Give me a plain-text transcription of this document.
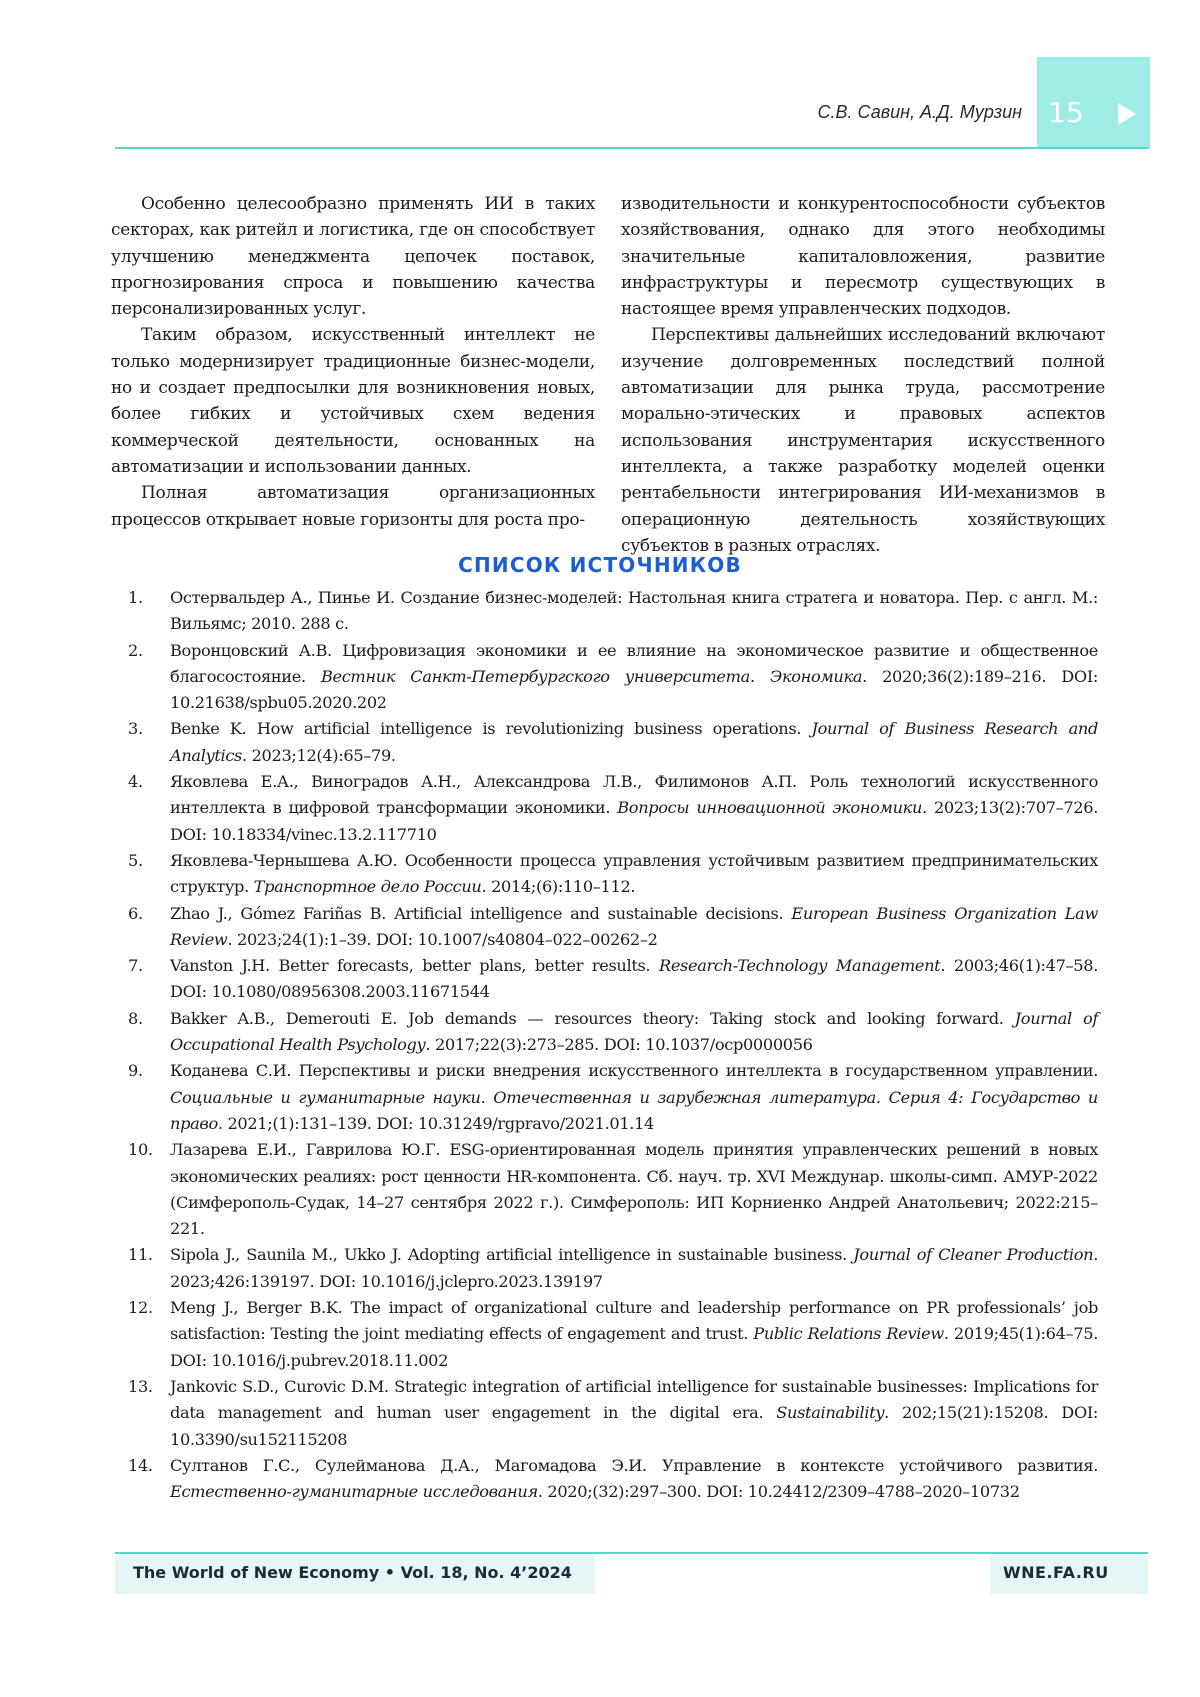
15
С.В. Савин, А.Д. Мурзин

Особенно целесообразно применять ИИ в таких секторах, как ритейл и логистика, где он способствует улучшению менеджмента цепочек поставок, прогнозирования спроса и повышению качества персонализированных услуг.

Таким образом, искусственный интеллект не только модернизирует традиционные бизнес-модели, но и создает предпосылки для возникновения новых, более гибких и устойчивых схем ведения коммерческой деятельности, основанных на автоматизации и использовании данных.

Полная автоматизация организационных процессов открывает новые горизонты для роста про-

изводительности и конкурентоспособности субъектов хозяйствования, однако для этого необходимы значительные капиталовложения, развитие инфраструктуры и пересмотр существующих в настоящее время управленческих подходов.

Перспективы дальнейших исследований включают изучение долговременных последствий полной автоматизации для рынка труда, рассмотрение морально-этических и правовых аспектов использования инструментария искусственного интеллекта, а также разработку моделей оценки рентабельности интегрирования ИИ-механизмов в операционную деятельность хозяйствующих субъектов в разных отраслях.

СПИСОК ИСТОЧНИКОВ
1. Остервальдер А., Пинье И. Создание бизнес-моделей: Настольная книга стратега и новатора. Пер. с англ. М.: Вильямс; 2010. 288 с.
2. Воронцовский А.В. Цифровизация экономики и ее влияние на экономическое развитие и общественное благосостояние. Вестник Санкт-Петербургского университета. Экономика. 2020;36(2):189–216. DOI: 10.21638/spbu05.2020.202
3. Benke K. How artificial intelligence is revolutionizing business operations. Journal of Business Research and Analytics. 2023;12(4):65–79.
4. Яковлева Е.А., Виноградов А.Н., Александрова Л.В., Филимонов А.П. Роль технологий искусственного интеллекта в цифровой трансформации экономики. Вопросы инновационной экономики. 2023;13(2):707–726. DOI: 10.18334/vinec.13.2.117710
5. Яковлева-Чернышева А.Ю. Особенности процесса управления устойчивым развитием предпринимательских структур. Транспортное дело России. 2014;(6):110–112.
6. Zhao J., Gómez Fariñas B. Artificial intelligence and sustainable decisions. European Business Organization Law Review. 2023;24(1):1–39. DOI: 10.1007/s40804–022–00262–2
7. Vanston J.H. Better forecasts, better plans, better results. Research-Technology Management. 2003;46(1):47–58. DOI: 10.1080/08956308.2003.11671544
8. Bakker A.B., Demerouti E. Job demands — resources theory: Taking stock and looking forward. Journal of Occupational Health Psychology. 2017;22(3):273–285. DOI: 10.1037/ocp0000056
9. Коданева С.И. Перспективы и риски внедрения искусственного интеллекта в государственном управлении. Социальные и гуманитарные науки. Отечественная и зарубежная литература. Серия 4: Государство и право. 2021;(1):131–139. DOI: 10.31249/rgpravo/2021.01.14
10. Лазарева Е.И., Гаврилова Ю.Г. ESG-ориентированная модель принятия управленческих решений в новых экономических реалиях: рост ценности HR-компонента. Сб. науч. тр. XVI Междунар. школы-симп. АМУР-2022 (Симферополь-Судак, 14–27 сентября 2022 г.). Симферополь: ИП Корниенко Андрей Анатольевич; 2022:215–221.
11. Sipola J., Saunila M., Ukko J. Adopting artificial intelligence in sustainable business. Journal of Cleaner Production. 2023;426:139197. DOI: 10.1016/j.jclepro.2023.139197
12. Meng J., Berger B.K. The impact of organizational culture and leadership performance on PR professionals’ job satisfaction: Testing the joint mediating effects of engagement and trust. Public Relations Review. 2019;45(1):64–75. DOI: 10.1016/j.pubrev.2018.11.002
13. Jankovic S.D., Curovic D.M. Strategic integration of artificial intelligence for sustainable businesses: Implications for data management and human user engagement in the digital era. Sustainability. 202;15(21):15208. DOI: 10.3390/su152115208
14. Султанов Г.С., Сулейманова Д.А., Магомадова Э.И. Управление в контексте устойчивого развития. Естественно-гуманитарные исследования. 2020;(32):297–300. DOI: 10.24412/2309–4788–2020–10732
The World of New Economy • Vol. 18, No. 4’2024	WNE.FA.RU
